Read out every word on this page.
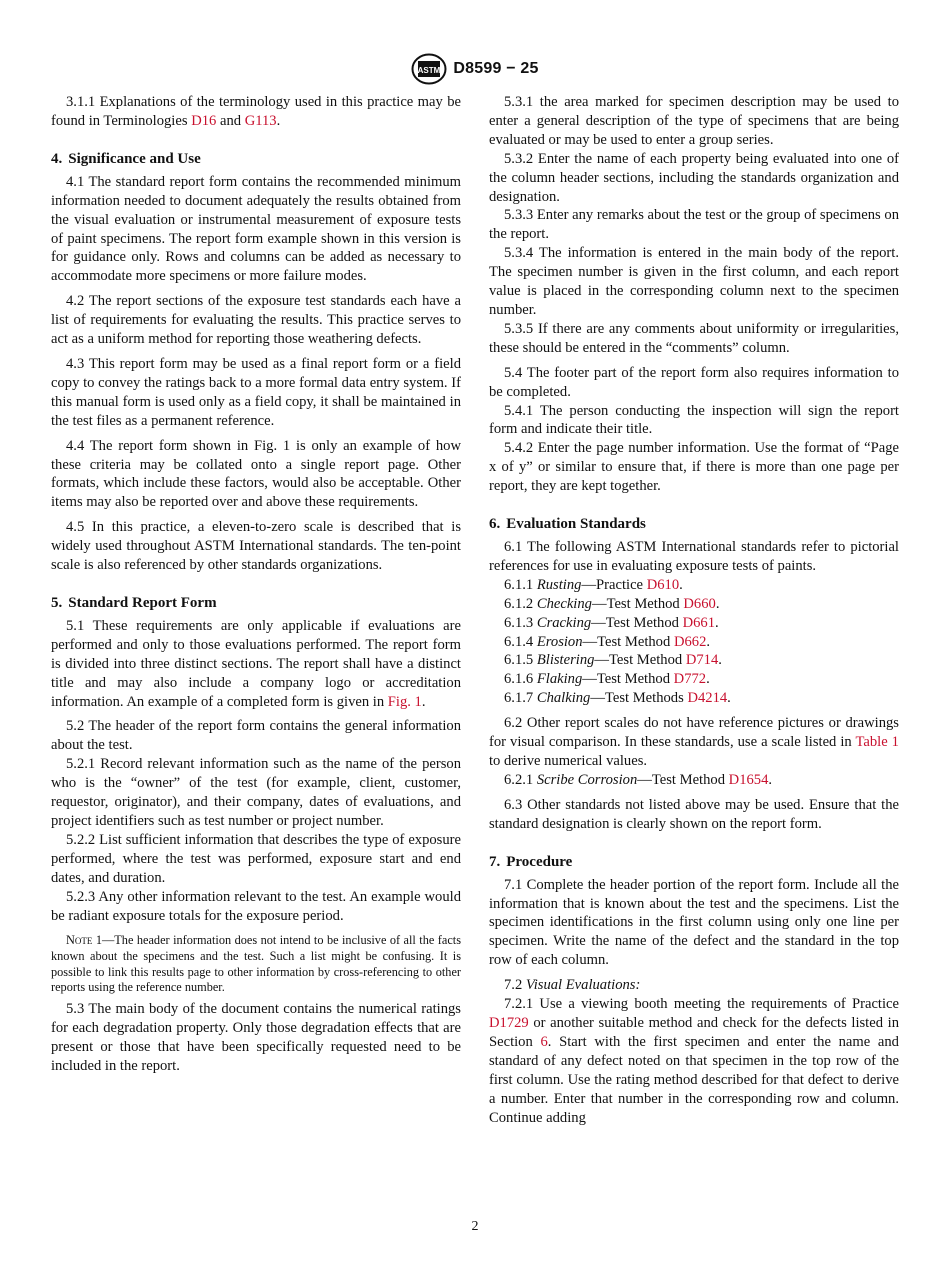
ASTM D8599 − 25

3.1.1 Explanations of the terminology used in this practice may be found in Terminologies D16 and G113.

4. Significance and Use

4.1 The standard report form contains the recommended minimum information needed to document adequately the results obtained from the visual evaluation or instrumental measurement of exposure tests of paint specimens. The report form example shown in this version is for guidance only. Rows and columns can be added as necessary to accommodate more specimens or more failure modes.

4.2 The report sections of the exposure test standards each have a list of requirements for evaluating the results. This practice serves to act as a uniform method for reporting those weathering defects.

4.3 This report form may be used as a final report form or a field copy to convey the ratings back to a more formal data entry system. If this manual form is used only as a field copy, it shall be maintained in the test files as a permanent reference.

4.4 The report form shown in Fig. 1 is only an example of how these criteria may be collated onto a single report page. Other formats, which include these factors, would also be acceptable. Other items may also be reported over and above these requirements.

4.5 In this practice, a eleven-to-zero scale is described that is widely used throughout ASTM International standards. The ten-point scale is also referenced by other standards organizations.

5. Standard Report Form

5.1 These requirements are only applicable if evaluations are performed and only to those evaluations performed. The report form is divided into three distinct sections. The report shall have a distinct title and may also include a company logo or accreditation information. An example of a completed form is given in Fig. 1.

5.2 The header of the report form contains the general information about the test.

5.2.1 Record relevant information such as the name of the person who is the “owner” of the test (for example, client, customer, requestor, originator), and their company, dates of evaluations, and project identifiers such as test number or project number.

5.2.2 List sufficient information that describes the type of exposure performed, where the test was performed, exposure start and end dates, and duration.

5.2.3 Any other information relevant to the test. An example would be radiant exposure totals for the exposure period.

Note 1—The header information does not intend to be inclusive of all the facts known about the specimens and the test. Such a list might be confusing. It is possible to link this results page to other information by cross-referencing to other reports using the reference number.

5.3 The main body of the document contains the numerical ratings for each degradation property. Only those degradation effects that are present or those that have been specifically requested need to be included in the report.

5.3.1 the area marked for specimen description may be used to enter a general description of the type of specimens that are being evaluated or may be used to enter a group series.

5.3.2 Enter the name of each property being evaluated into one of the column header sections, including the standards organization and designation.

5.3.3 Enter any remarks about the test or the group of specimens on the report.

5.3.4 The information is entered in the main body of the report. The specimen number is given in the first column, and each report value is placed in the corresponding column next to the specimen number.

5.3.5 If there are any comments about uniformity or irregularities, these should be entered in the “comments” column.

5.4 The footer part of the report form also requires information to be completed.

5.4.1 The person conducting the inspection will sign the report form and indicate their title.

5.4.2 Enter the page number information. Use the format of “Page x of y” or similar to ensure that, if there is more than one page per report, they are kept together.

6. Evaluation Standards

6.1 The following ASTM International standards refer to pictorial references for use in evaluating exposure tests of paints.

6.1.1 Rusting—Practice D610.

6.1.2 Checking—Test Method D660.

6.1.3 Cracking—Test Method D661.

6.1.4 Erosion—Test Method D662.

6.1.5 Blistering—Test Method D714.

6.1.6 Flaking—Test Method D772.

6.1.7 Chalking—Test Methods D4214.

6.2 Other report scales do not have reference pictures or drawings for visual comparison. In these standards, use a scale listed in Table 1 to derive numerical values.

6.2.1 Scribe Corrosion—Test Method D1654.

6.3 Other standards not listed above may be used. Ensure that the standard designation is clearly shown on the report form.

7. Procedure

7.1 Complete the header portion of the report form. Include all the information that is known about the test and the specimens. List the specimen identifications in the first column using only one line per specimen. Write the name of the defect and the standard in the top row of each column.

7.2 Visual Evaluations:

7.2.1 Use a viewing booth meeting the requirements of Practice D1729 or another suitable method and check for the defects listed in Section 6. Start with the first specimen and enter the name and standard of any defect noted on that specimen in the top row of the first column. Use the rating method described for that defect to derive a number. Enter that number in the corresponding row and column. Continue adding

2
